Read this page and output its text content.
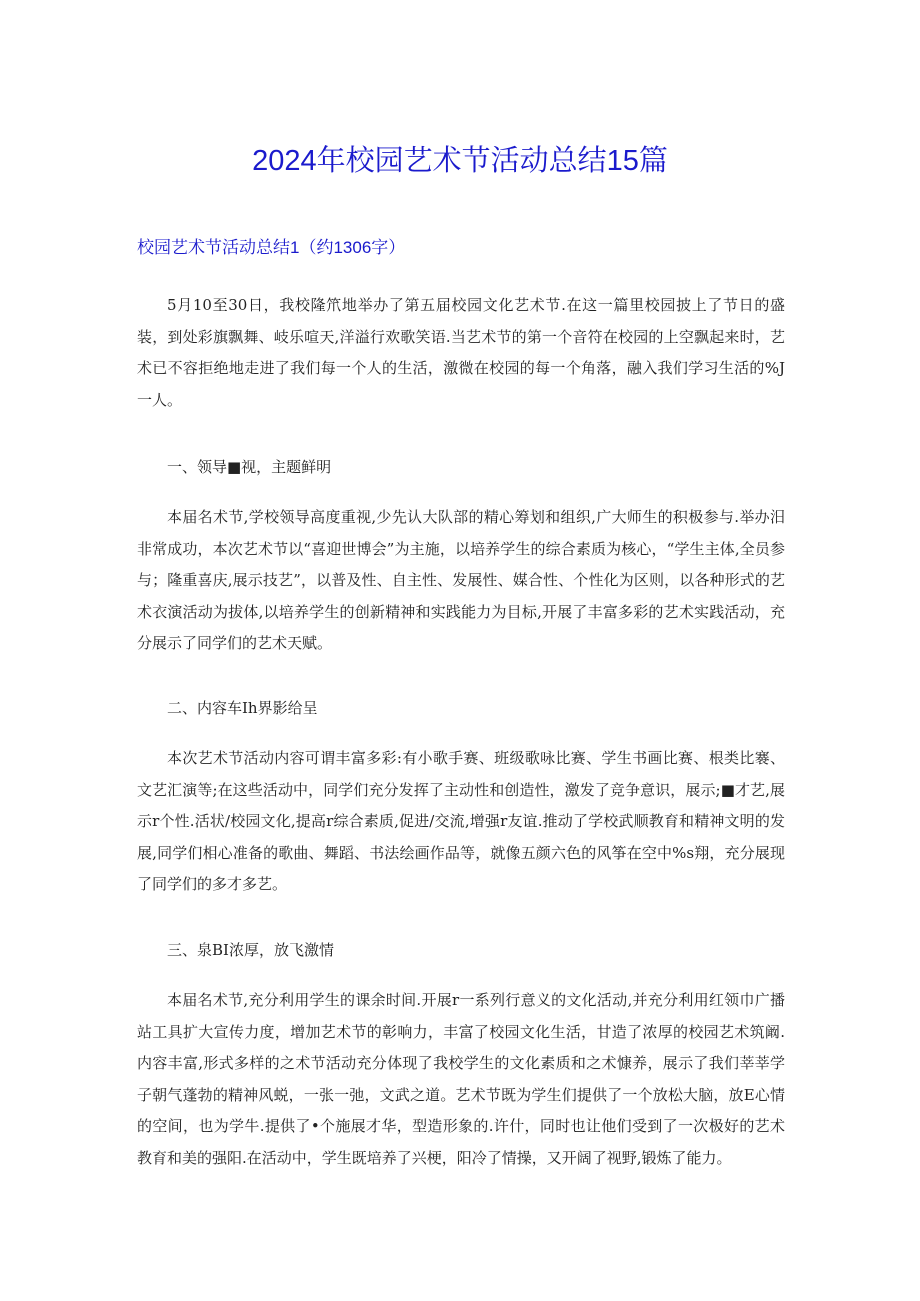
2024年校园艺术节活动总结15篇
校园艺术节活动总结1（约1306字）

5月10至30日，我校隆笊地举办了第五届校园文化艺术节.在这一篇里校园披上了节日的盛装，到处彩旗飘舞、岐乐喧天,洋溢行欢歌笑语.当艺术节的第一个音符在校园的上空飘起来时，艺术已不容拒绝地走进了我们每一个人的生活，激微在校园的每一个角落，融入我们学习生活的%J一人。

一、领导■视，主题鲜明

本届名术节,学校领导高度重视,少先认大队部的精心筹划和组织,广大师生的积极参与.举办汨非常成功，本次艺术节以“喜迎世博会”为主施，以培养学生的综合素质为核心，“学生主体,全员参与；隆重喜庆,展示技艺”，以普及性、自主性、发展性、媒合性、个性化为区则，以各种形式的艺术衣演活动为拔体,以培养学生的创新精神和实践能力为目标,开展了丰富多彩的艺术实践活动，充分展示了同学们的艺术天赋。

二、内容车Ih界影给呈

本次艺术节活动内容可谓丰富多彩:有小歌手赛、班级歌咏比赛、学生书画比赛、根类比褰、文艺汇演等;在这些活动中，同学们充分发挥了主动性和创造性，激发了竞争意识，展示;■才艺,展示r个性.活状/校园文化,提高r综合素质,促进/交流,增强r友谊.推动了学校武顺教育和精神文明的发展,同学们相心准备的歌曲、舞蹈、书法绘画作品等，就像五颜六色的风筝在空中%s翔，充分展现了同学们的多才多艺。

三、泉BI浓厚，放飞激情

本届名术节,充分利用学生的课余时间.开展r一系列行意义的文化活动,并充分利用红领巾广播站工具扩大宣传力度，增加艺术节的彰响力，丰富了校园文化生活，甘造了浓厚的校园艺术筑阚.内容丰富,形式多样的之术节活动充分体现了我校学生的文化素质和之术慷养，展示了我们莘莘学子朝气蓬勃的精神风蜕，一张一弛，文武之道。艺术节既为学生们提供了一个放松大脑，放E心情的空间，也为学牛.提供了•个施展才华，型造形象的.许什，同时也让他们受到了一次极好的艺术教育和美的强阳.在活动中，学生既培养了兴梗，阳冷了情操，又开阔了视野,锻炼了能力。
